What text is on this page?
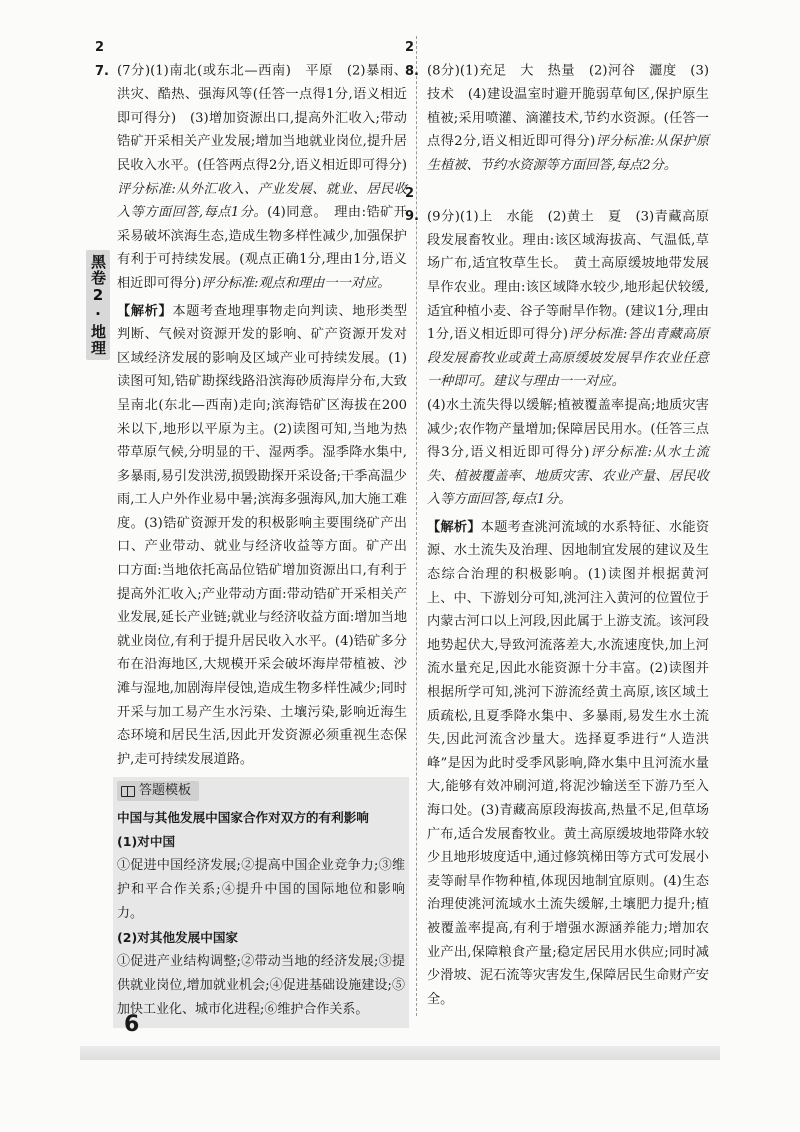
黑卷2·地理
27. (7分)(1)南北(或东北—西南)　平原　(2)暴雨、洪灾、酷热、强海风等(任答一点得1分,语义相近即可得分)　(3)增加资源出口,提高外汇收入;带动锆矿开采相关产业发展;增加当地就业岗位,提升居民收入水平。(任答两点得2分,语义相近即可得分)评分标准:从外汇收入、产业发展、就业、居民收入等方面回答,每点1分。(4)同意。　理由:锆矿开采易破坏滨海生态,造成生物多样性减少,加强保护有利于可持续发展。(观点正确1分,理由1分,语义相近即可得分)评分标准:观点和理由一一对应。
【解析】本题考查地理事物走向判读、地形类型判断、气候对资源开发的影响、矿产资源开发对区域经济发展的影响及区域产业可持续发展。(1)读图可知,锆矿勘探线路沿滨海砂质海岸分布,大致呈南北(东北—西南)走向;滨海锆矿区海拔在200米以下,地形以平原为主。(2)读图可知,当地为热带草原气候,分明显的干、湿两季。湿季降水集中,多暴雨,易引发洪涝,损毁勘探开采设备;干季高温少雨,工人户外作业易中暑;滨海多强海风,加大施工难度。(3)锆矿资源开发的积极影响主要围绕矿产出口、产业带动、就业与经济收益等方面。矿产出口方面:当地依托高品位锆矿增加资源出口,有利于提高外汇收入;产业带动方面:带动锆矿开采相关产业发展,延长产业链;就业与经济收益方面:增加当地就业岗位,有利于提升居民收入水平。(4)锆矿多分布在沿海地区,大规模开采会破坏海岸带植被、沙滩与湿地,加剧海岸侵蚀,造成生物多样性减少;同时开采与加工易产生水污染、土壤污染,影响近海生态环境和居民生活,因此开发资源必须重视生态保护,走可持续发展道路。
答题模板
中国与其他发展中国家合作对双方的有利影响
(1)对中国
①促进中国经济发展;②提高中国企业竞争力;③维护和平合作关系;④提升中国的国际地位和影响力。
(2)对其他发展中国家
①促进产业结构调整;②带动当地的经济发展;③提供就业岗位,增加就业机会;④促进基础设施建设;⑤加快工业化、城市化进程;⑥维护合作关系。
28. (8分)(1)充足　大　热量　(2)河谷　灑度　(3)技术　(4)建设温室时避开脆弱草甸区,保护原生植被;采用喷灌、滴灌技术,节约水资源。(任答一点得2分,语义相近即可得分)评分标准:从保护原生植被、节约水资源等方面回答,每点2分。
29. (9分)(1)上　水能　(2)黄土　夏　(3)青藏高原段发展畜牧业。理由:该区域海拔高、气温低,草场广布,适宜牧草生长。　黄土高原缓坡地带发展旱作农业。理由:该区域降水较少,地形起伏较缓,适宜种植小麦、谷子等耐旱作物。(建议1分,理由1分,语义相近即可得分)评分标准:答出青藏高原段发展畜牧业或黄土高原缓坡发展旱作农业任意一种即可。建议与理由一一对应。
(4)水土流失得以缓解;植被覆盖率提高;地质灾害减少;农作物产量增加;保障居民用水。(任答三点得3分,语义相近即可得分)评分标准:从水土流失、植被覆盖率、地质灾害、农业产量、居民收入等方面回答,每点1分。
【解析】本题考查洮河流域的水系特征、水能资源、水土流失及治理、因地制宜发展的建议及生态综合治理的积极影响。(1)读图并根据黄河上、中、下游划分可知,洮河注入黄河的位置位于内蒙古河口以上河段,因此属于上游支流。该河段地势起伏大,导致河流落差大,水流速度快,加上河流水量充足,因此水能资源十分丰富。(2)读图并根据所学可知,洮河下游流经黄土高原,该区域土质疏松,且夏季降水集中、多暴雨,易发生水土流失,因此河流含沙量大。选择夏季进行“人造洪峰”是因为此时受季风影响,降水集中且河流水量大,能够有效冲刷河道,将泥沙输送至下游乃至入海口处。(3)青藏高原段海拔高,热量不足,但草场广布,适合发展畜牧业。黄土高原缓坡地带降水较少且地形坡度适中,通过修筑梯田等方式可发展小麦等耐旱作物种植,体现因地制宜原则。(4)生态治理使洮河流域水土流失缓解,土壤肥力提升;植被覆盖率提高,有利于增强水源涵养能力;增加农业产出,保障粮食产量;稳定居民用水供应;同时减少滑坡、泥石流等灾害发生,保障居民生命财产安全。
6
